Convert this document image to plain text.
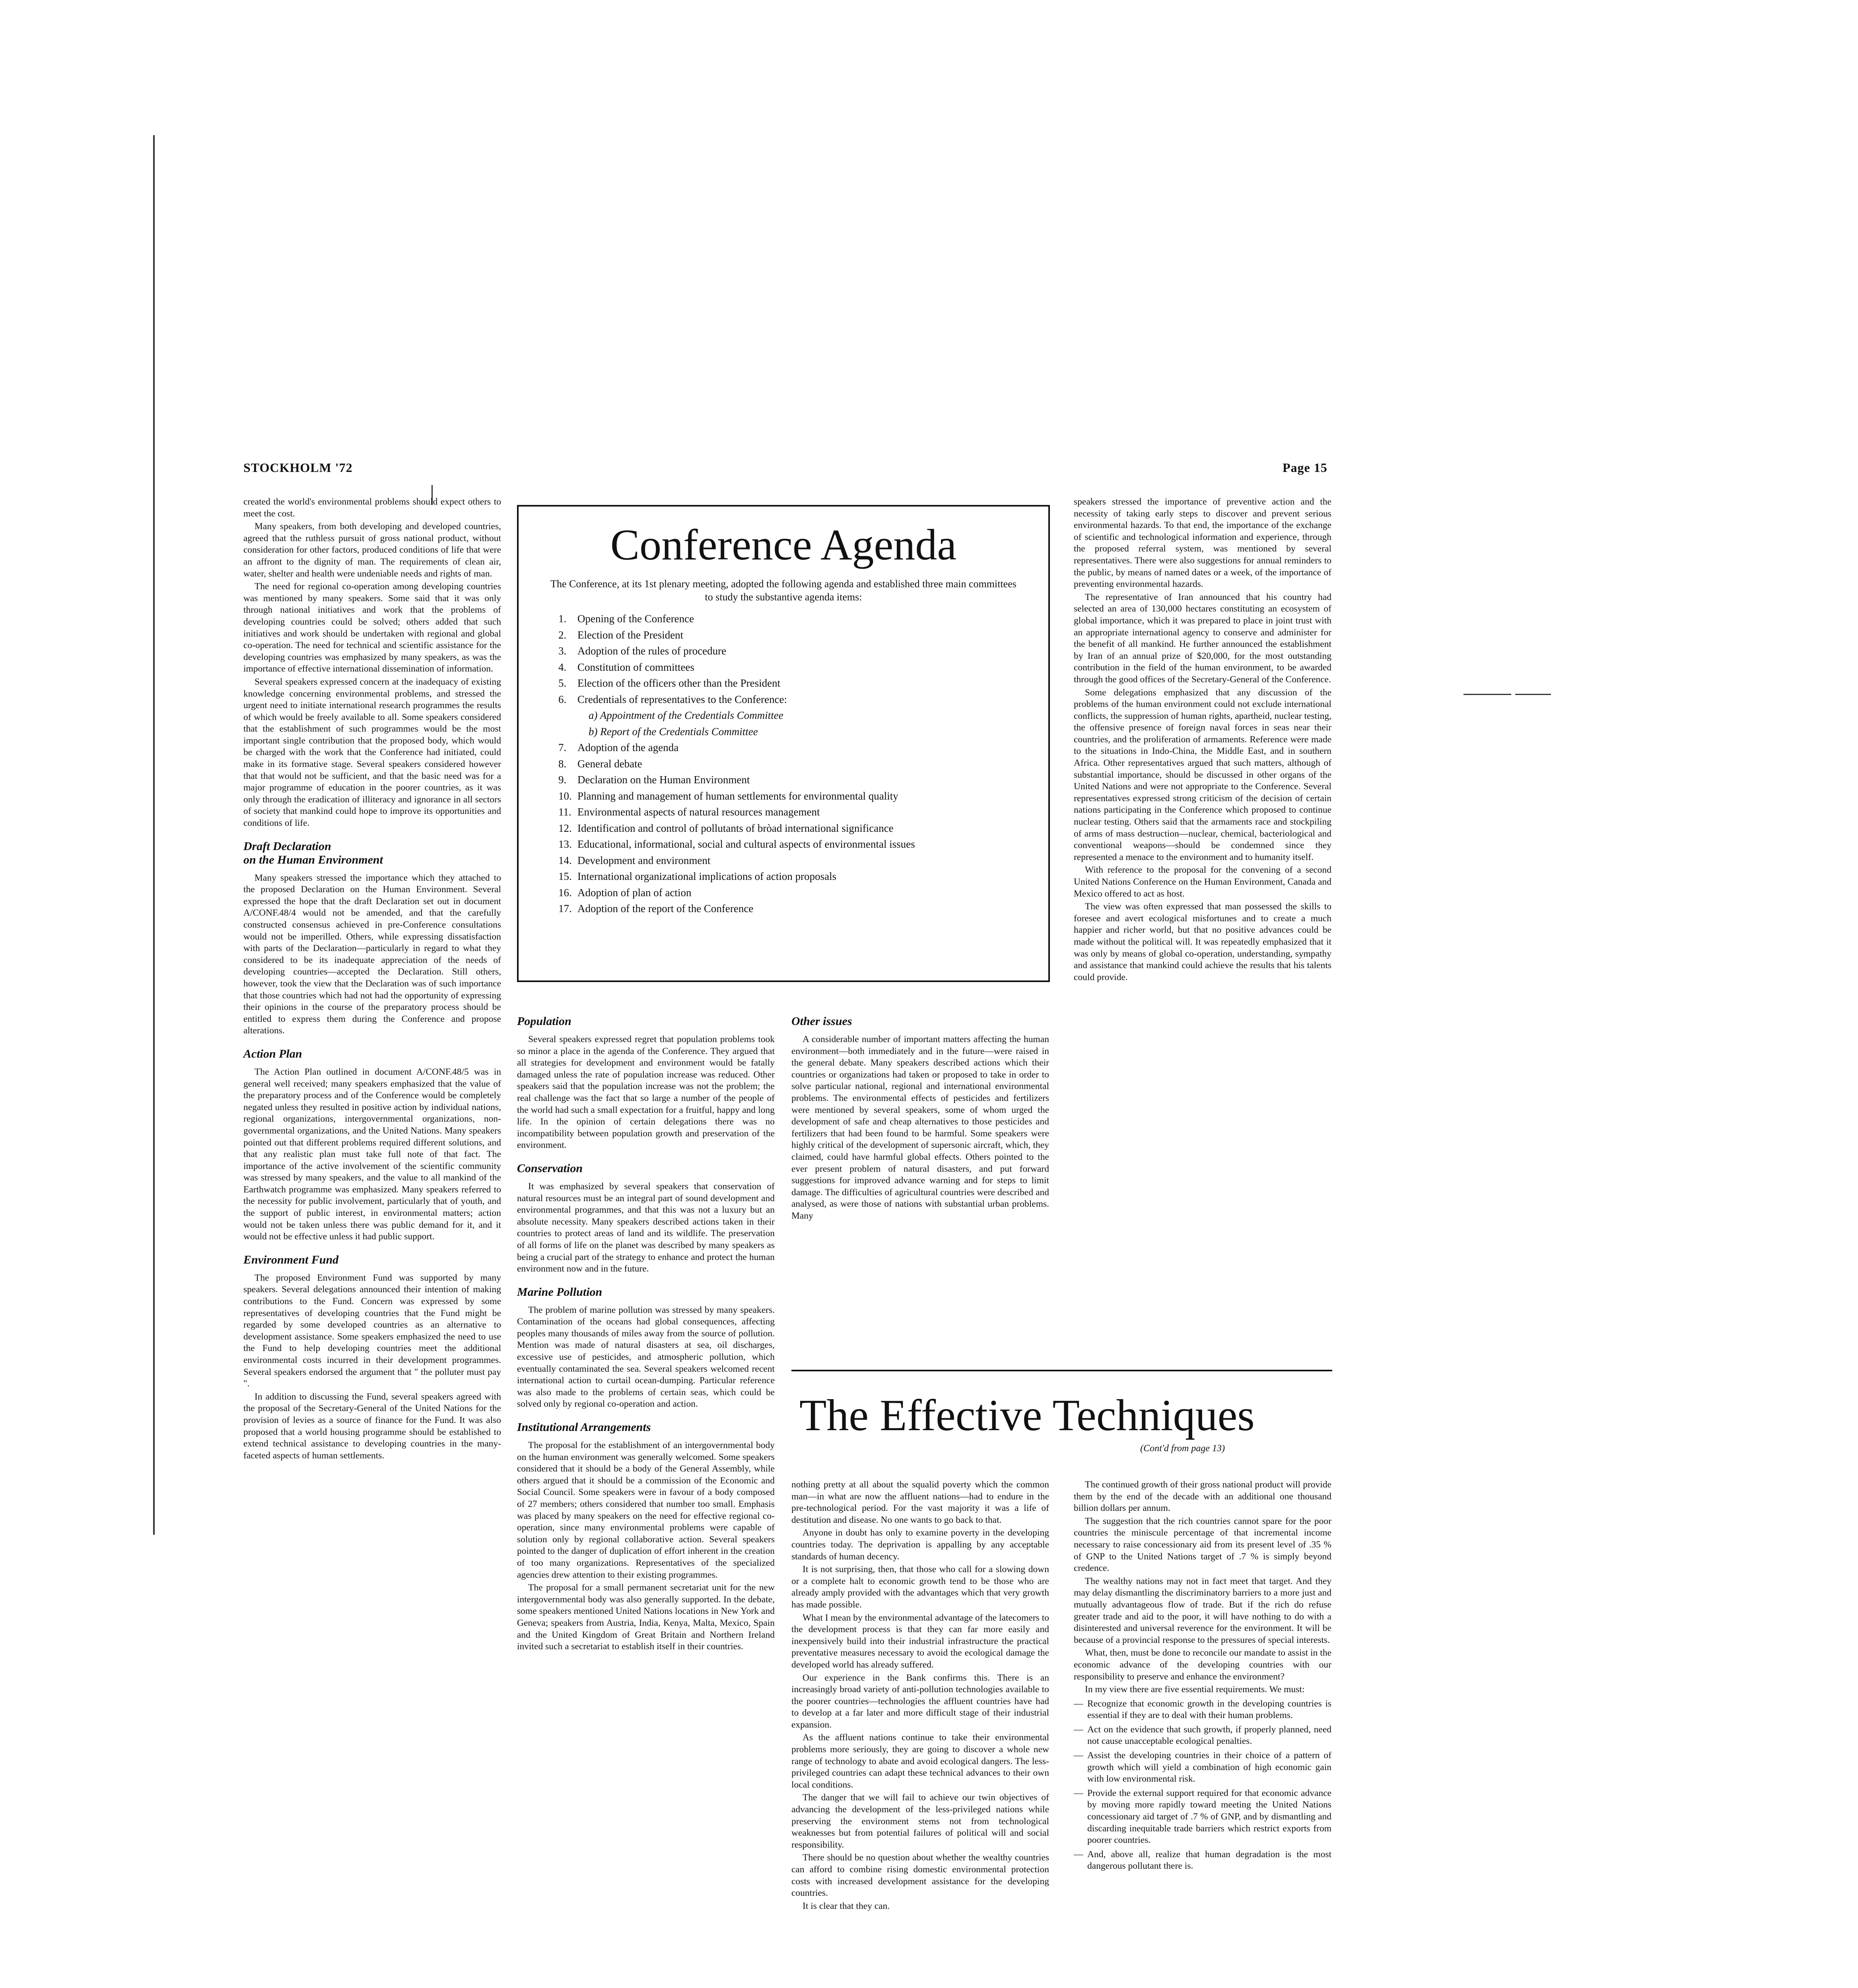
STOCKHOLM '72	Page 15

created the world's environmental problems should expect others to meet the cost.

Many speakers, from both developing and developed countries, agreed that the ruthless pursuit of gross national product, without consideration for other factors, produced conditions of life that were an affront to the dignity of man. The requirements of clean air, water, shelter and health were undeniable needs and rights of man.

The need for regional co-operation among developing countries was mentioned by many speakers. Some said that it was only through national initiatives and work that the problems of developing countries could be solved; others added that such initiatives and work should be undertaken with regional and global co-operation. The need for technical and scientific assistance for the developing countries was emphasized by many speakers, as was the importance of effective international dissemination of information.

Several speakers expressed concern at the inadequacy of existing knowledge concerning environmental problems, and stressed the urgent need to initiate international research programmes the results of which would be freely available to all. Some speakers considered that the establishment of such programmes would be the most important single contribution that the proposed body, which would be charged with the work that the Conference had initiated, could make in its formative stage. Several speakers considered however that that would not be sufficient, and that the basic need was for a major programme of education in the poorer countries, as it was only through the eradication of illiteracy and ignorance in all sectors of society that mankind could hope to improve its opportunities and conditions of life.

Draft Declaration
on the Human Environment

Many speakers stressed the importance which they attached to the proposed Declaration on the Human Environment. Several expressed the hope that the draft Declaration set out in document A/CONF.48/4 would not be amended, and that the carefully constructed consensus achieved in pre-Conference consultations would not be imperilled. Others, while expressing dissatisfaction with parts of the Declaration—particularly in regard to what they considered to be its inadequate appreciation of the needs of developing countries—accepted the Declaration. Still others, however, took the view that the Declaration was of such importance that those countries which had not had the opportunity of expressing their opinions in the course of the preparatory process should be entitled to express them during the Conference and propose alterations.

Action Plan

The Action Plan outlined in document A/CONF.48/5 was in general well received; many speakers emphasized that the value of the preparatory process and of the Conference would be completely negated unless they resulted in positive action by individual nations, regional organizations, intergovernmental organizations, non-governmental organizations, and the United Nations. Many speakers pointed out that different problems required different solutions, and that any realistic plan must take full note of that fact. The importance of the active involvement of the scientific community was stressed by many speakers, and the value to all mankind of the Earthwatch programme was emphasized. Many speakers referred to the necessity for public involvement, particularly that of youth, and the support of public interest, in environmental matters; action would not be taken unless there was public demand for it, and it would not be effective unless it had public support.

Environment Fund

The proposed Environment Fund was supported by many speakers. Several delegations announced their intention of making contributions to the Fund. Concern was expressed by some representatives of developing countries that the Fund might be regarded by some developed countries as an alternative to development assistance. Some speakers emphasized the need to use the Fund to help developing countries meet the additional environmental costs incurred in their development programmes. Several speakers endorsed the argument that " the polluter must pay ".

In addition to discussing the Fund, several speakers agreed with the proposal of the Secretary-General of the United Nations for the provision of levies as a source of finance for the Fund. It was also proposed that a world housing programme should be established to extend technical assistance to developing countries in the many-faceted aspects of human settlements.

Conference Agenda
The Conference, at its 1st plenary meeting, adopted the following agenda and established three main committees to study the substantive agenda items:
1. Opening of the Conference
2. Election of the President
3. Adoption of the rules of procedure
4. Constitution of committees
5. Election of the officers other than the President
6. Credentials of representatives to the Conference:
a) Appointment of the Credentials Committee
b) Report of the Credentials Committee
7. Adoption of the agenda
8. General debate
9. Declaration on the Human Environment
10. Planning and management of human settlements for environmental quality
11. Environmental aspects of natural resources management
12. Identification and control of pollutants of bròad international significance
13. Educational, informational, social and cultural aspects of environmental issues
14. Development and environment
15. International organizational implications of action proposals
16. Adoption of plan of action
17. Adoption of the report of the Conference
Population

Several speakers expressed regret that population problems took so minor a place in the agenda of the Conference. They argued that all strategies for development and environment would be fatally damaged unless the rate of population increase was reduced. Other speakers said that the population increase was not the problem; the real challenge was the fact that so large a number of the people of the world had such a small expectation for a fruitful, happy and long life. In the opinion of certain delegations there was no incompatibility between population growth and preservation of the environment.

Conservation

It was emphasized by several speakers that conservation of natural resources must be an integral part of sound development and environmental programmes, and that this was not a luxury but an absolute necessity. Many speakers described actions taken in their countries to protect areas of land and its wildlife. The preservation of all forms of life on the planet was described by many speakers as being a crucial part of the strategy to enhance and protect the human environment now and in the future.

Marine Pollution

The problem of marine pollution was stressed by many speakers. Contamination of the oceans had global consequences, affecting peoples many thousands of miles away from the source of pollution. Mention was made of natural disasters at sea, oil discharges, excessive use of pesticides, and atmospheric pollution, which eventually contaminated the sea. Several speakers welcomed recent international action to curtail ocean-dumping. Particular reference was also made to the problems of certain seas, which could be solved only by regional co-operation and action.

Institutional Arrangements

The proposal for the establishment of an intergovernmental body on the human environment was generally welcomed. Some speakers considered that it should be a body of the General Assembly, while others argued that it should be a commission of the Economic and Social Council. Some speakers were in favour of a body composed of 27 members; others considered that number too small. Emphasis was placed by many speakers on the need for effective regional co-operation, since many environmental problems were capable of solution only by regional collaborative action. Several speakers pointed to the danger of duplication of effort inherent in the creation of too many organizations. Representatives of the specialized agencies drew attention to their existing programmes.

The proposal for a small permanent secretariat unit for the new intergovernmental body was also generally supported. In the debate, some speakers mentioned United Nations locations in New York and Geneva; speakers from Austria, India, Kenya, Malta, Mexico, Spain and the United Kingdom of Great Britain and Northern Ireland invited such a secretariat to establish itself in their countries.

Other issues

A considerable number of important matters affecting the human environment—both immediately and in the future—were raised in the general debate. Many speakers described actions which their countries or organizations had taken or proposed to take in order to solve particular national, regional and international environmental problems. The environmental effects of pesticides and fertilizers were mentioned by several speakers, some of whom urged the development of safe and cheap alternatives to those pesticides and fertilizers that had been found to be harmful. Some speakers were highly critical of the development of supersonic aircraft, which, they claimed, could have harmful global effects. Others pointed to the ever present problem of natural disasters, and put forward suggestions for improved advance warning and for steps to limit damage. The difficulties of agricultural countries were described and analysed, as were those of nations with substantial urban problems. Many

speakers stressed the importance of preventive action and the necessity of taking early steps to discover and prevent serious environmental hazards. To that end, the importance of the exchange of scientific and technological information and experience, through the proposed referral system, was mentioned by several representatives. There were also suggestions for annual reminders to the public, by means of named dates or a week, of the importance of preventing environmental hazards.

The representative of Iran announced that his country had selected an area of 130,000 hectares constituting an ecosystem of global importance, which it was prepared to place in joint trust with an appropriate international agency to conserve and administer for the benefit of all mankind. He further announced the establishment by Iran of an annual prize of $20,000, for the most outstanding contribution in the field of the human environment, to be awarded through the good offices of the Secretary-General of the Conference.

Some delegations emphasized that any discussion of the problems of the human environment could not exclude international conflicts, the suppression of human rights, apartheid, nuclear testing, the offensive presence of foreign naval forces in seas near their countries, and the proliferation of armaments. Reference were made to the situations in Indo-China, the Middle East, and in southern Africa. Other representatives argued that such matters, although of substantial importance, should be discussed in other organs of the United Nations and were not appropriate to the Conference. Several representatives expressed strong criticism of the decision of certain nations participating in the Conference which proposed to continue nuclear testing. Others said that the armaments race and stockpiling of arms of mass destruction—nuclear, chemical, bacteriological and conventional weapons—should be condemned since they represented a menace to the environment and to humanity itself.

With reference to the proposal for the convening of a second United Nations Conference on the Human Environment, Canada and Mexico offered to act as host.

The view was often expressed that man possessed the skills to foresee and avert ecological misfortunes and to create a much happier and richer world, but that no positive advances could be made without the political will. It was repeatedly emphasized that it was only by means of global co-operation, understanding, sympathy and assistance that mankind could achieve the results that his talents could provide.

The Effective Techniques
(Cont'd from page 13)

nothing pretty at all about the squalid poverty which the common man—in what are now the affluent nations—had to endure in the pre-technological period. For the vast majority it was a life of destitution and disease. No one wants to go back to that.

Anyone in doubt has only to examine poverty in the developing countries today. The deprivation is appalling by any acceptable standards of human decency.

It is not surprising, then, that those who call for a slowing down or a complete halt to economic growth tend to be those who are already amply provided with the advantages which that very growth has made possible.

What I mean by the environmental advantage of the latecomers to the development process is that they can far more easily and inexpensively build into their industrial infrastructure the practical preventative measures necessary to avoid the ecological damage the developed world has already suffered.

Our experience in the Bank confirms this. There is an increasingly broad variety of anti-pollution technologies available to the poorer countries—technologies the affluent countries have had to develop at a far later and more difficult stage of their industrial expansion.

As the affluent nations continue to take their environmental problems more seriously, they are going to discover a whole new range of technology to abate and avoid ecological dangers. The less-privileged countries can adapt these technical advances to their own local conditions.

The danger that we will fail to achieve our twin objectives of advancing the development of the less-privileged nations while preserving the environment stems not from technological weaknesses but from potential failures of political will and social responsibility.

There should be no question about whether the wealthy countries can afford to combine rising domestic environmental protection costs with increased development assistance for the developing countries.

It is clear that they can.

The continued growth of their gross national product will provide them by the end of the decade with an additional one thousand billion dollars per annum.

The suggestion that the rich countries cannot spare for the poor countries the miniscule percentage of that incremental income necessary to raise concessionary aid from its present level of .35 % of GNP to the United Nations target of .7 % is simply beyond credence.

The wealthy nations may not in fact meet that target. And they may delay dismantling the discriminatory barriers to a more just and mutually advantageous flow of trade. But if the rich do refuse greater trade and aid to the poor, it will have nothing to do with a disinterested and universal reverence for the environment. It will be because of a provincial response to the pressures of special interests.

What, then, must be done to reconcile our mandate to assist in the economic advance of the developing countries with our responsibility to preserve and enhance the environment?

In my view there are five essential requirements. We must:

— Recognize that economic growth in the developing countries is essential if they are to deal with their human problems.
— Act on the evidence that such growth, if properly planned, need not cause unacceptable ecological penalties.
— Assist the developing countries in their choice of a pattern of growth which will yield a combination of high economic gain with low environmental risk.
— Provide the external support required for that economic advance by moving more rapidly toward meeting the United Nations concessionary aid target of .7 % of GNP, and by dismantling and discarding inequitable trade barriers which restrict exports from poorer countries.
— And, above all, realize that human degradation is the most dangerous pollutant there is.
